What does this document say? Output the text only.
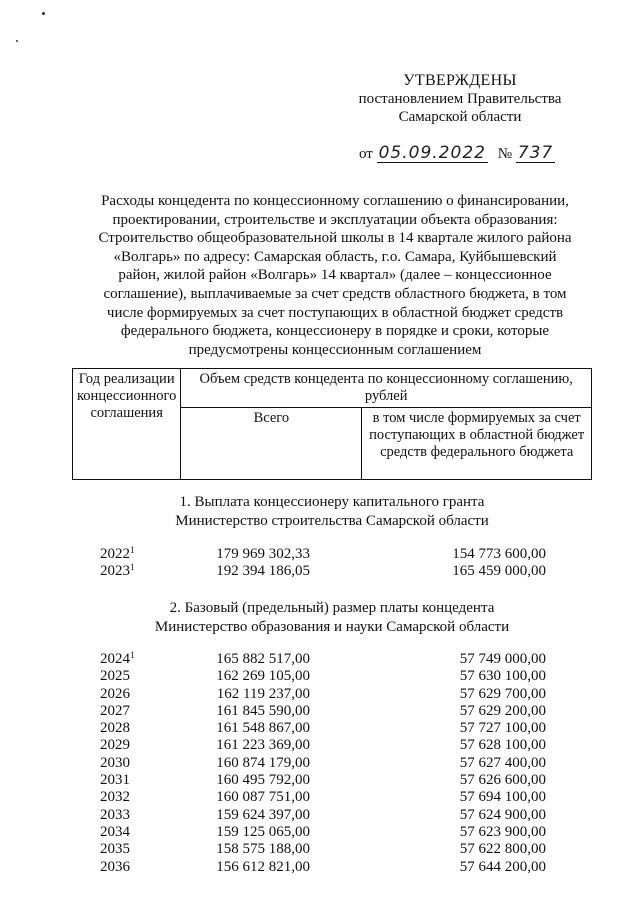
УТВЕРЖДЕНЫ
постановлением Правительства
Самарской области
от 05.09.2022 № 737
Расходы концедента по концессионному соглашению о финансировании,
проектировании, строительстве и эксплуатации объекта образования:
Строительство общеобразовательной школы в 14 квартале жилого района
«Волгарь» по адресу: Самарская область, г.о. Самара, Куйбышевский
район, жилой район «Волгарь» 14 квартал» (далее – концессионное
соглашение), выплачиваемые за счет средств областного бюджета, в том
числе формируемых за счет поступающих в областной бюджет средств
федерального бюджета, концессионеру в порядке и сроки, которые
предусмотрены концессионным соглашением
Год реализации концессионного соглашения	Объем средств концедента по концессионному соглашению, рублей	
	Всего	в том числе формируемых за счет поступающих в областной бюджет средств федерального бюджета
1. Выплата концессионеру капитального гранта
Министерство строительства Самарской области
2022$^1$	179 969 302,33	154 773 600,00
2023$^1$	192 394 186,05	165 459 000,00
2. Базовый (предельный) размер платы концедента
Министерство образования и науки Самарской области
2024$^1$	165 882 517,00	57 749 000,00
2025	162 269 105,00	57 630 100,00
2026	162 119 237,00	57 629 700,00
2027	161 845 590,00	57 629 200,00
2028	161 548 867,00	57 727 100,00
2029	161 223 369,00	57 628 100,00
2030	160 874 179,00	57 627 400,00
2031	160 495 792,00	57 626 600,00
2032	160 087 751,00	57 694 100,00
2033	159 624 397,00	57 624 900,00
2034	159 125 065,00	57 623 900,00
2035	158 575 188,00	57 622 800,00
2036	156 612 821,00	57 644 200,00
